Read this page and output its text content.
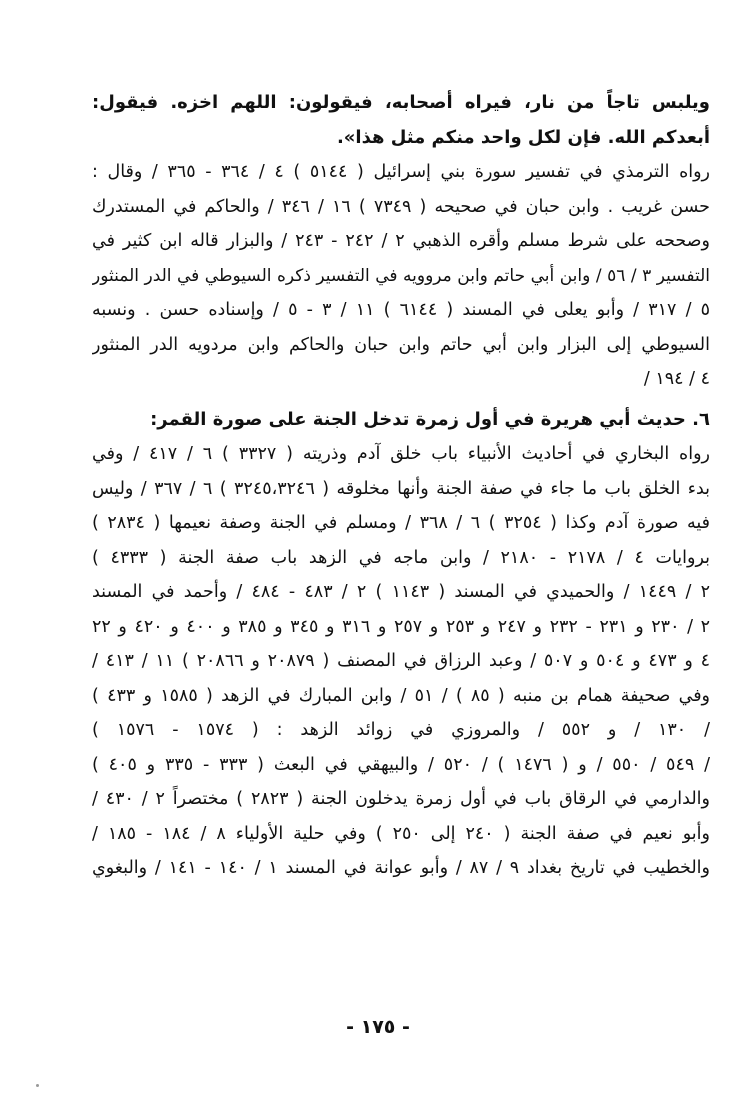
ويلبس تاجاً من نار، فيراه أصحابه، فيقولون: اللهم اخزه. فيقول:
أبعدكم الله. فإن لكل واحد منكم مثل هذا».
رواه الترمذي في تفسير سورة بني إسرائيل ( ٥١٤٤ ) ٤ / ٣٦٤ - ٣٦٥ / وقال :
حسن غريب . وابن حبان في صحيحه ( ٧٣٤٩ ) ١٦ / ٣٤٦ / والحاكم في المستدرك
وصححه على شرط مسلم وأقره الذهبي ٢ / ٢٤٢ - ٢٤٣ / والبزار قاله ابن كثير في
التفسير ٣ / ٥٦ / وابن أبي حاتم وابن مروويه في التفسير ذكره السيوطي في الدر المنثور
٥ / ٣١٧ / وأبو يعلى في المسند ( ٦١٤٤ ) ١١ / ٣ - ٥ / وإسناده حسن . ونسبه
السيوطي إلى البزار وابن أبي حاتم وابن حبان والحاكم وابن مردويه الدر المنثور
٤ / ١٩٤ /
٦. حديث أبي هريرة في أول زمرة تدخل الجنة على صورة القمر:
رواه البخاري في أحاديث الأنبياء باب خلق آدم وذريته ( ٣٣٢٧ ) ٦ / ٤١٧ / وفي
بدء الخلق باب ما جاء في صفة الجنة وأنها مخلوقه ( ٣٢٤٥،٣٢٤٦ ) ٦ / ٣٦٧ / وليس
فيه صورة آدم وكذا ( ٣٢٥٤ ) ٦ / ٣٦٨ / ومسلم في الجنة وصفة نعيمها ( ٢٨٣٤ )
بروايات ٤ / ٢١٧٨ - ٢١٨٠ / وابن ماجه في الزهد باب صفة الجنة ( ٤٣٣٣ )
٢ / ١٤٤٩ / والحميدي في المسند ( ١١٤٣ ) ٢ / ٤٨٣ - ٤٨٤ / وأحمد في المسند
٢ / ٢٣٠ و ٢٣١ - ٢٣٢ و ٢٤٧ و ٢٥٣ و ٢٥٧ و ٣١٦ و ٣٤٥ و ٣٨٥ و ٤٠٠ و ٤٢٠ و ٢٢
٤ و ٤٧٣ و ٥٠٤ و ٥٠٧ / وعبد الرزاق في المصنف ( ٢٠٨٧٩ و ٢٠٨٦٦ ) ١١ / ٤١٣ /
وفي صحيفة همام بن منبه ( ٨٥ ) / ٥١ / وابن المبارك في الزهد ( ١٥٨٥ و ٤٣٣ )
/ ١٣٠ / و ٥٥٢ / والمروزي في زوائد الزهد : ( ١٥٧٤ - ١٥٧٦ )
/ ٥٤٩ / ٥٥٠ / و ( ١٤٧٦ ) / ٥٢٠ / والبيهقي في البعث ( ٣٣٣ - ٣٣٥ و ٤٠٥ )
والدارمي في الرقاق باب في أول زمرة يدخلون الجنة ( ٢٨٢٣ ) مختصراً ٢ / ٤٣٠ /
وأبو نعيم في صفة الجنة ( ٢٤٠ إلى ٢٥٠ ) وفي حلية الأولياء ٨ / ١٨٤ - ١٨٥ /
والخطيب في تاريخ بغداد ٩ / ٨٧ / وأبو عوانة في المسند ١ / ١٤٠ - ١٤١ / والبغوي
- ١٧٥ -
